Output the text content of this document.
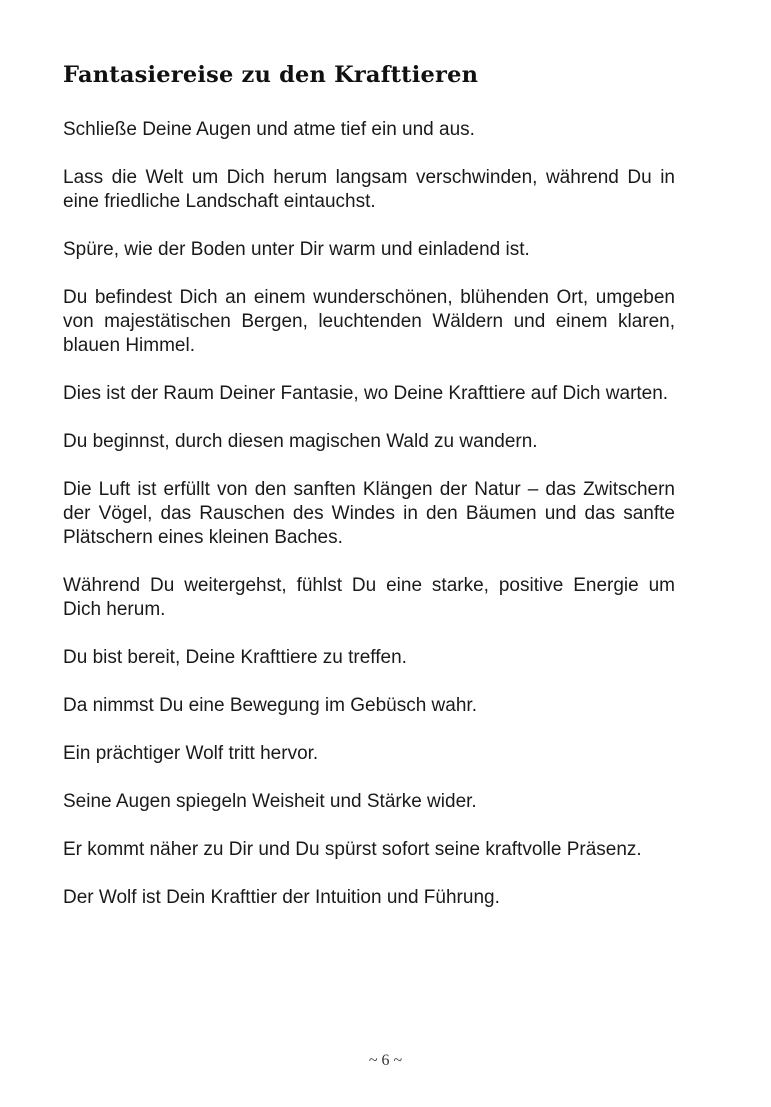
Fantasiereise zu den Krafttieren

Schließe Deine Augen und atme tief ein und aus.

Lass die Welt um Dich herum langsam verschwinden, während Du in eine friedliche Landschaft eintauchst.

Spüre, wie der Boden unter Dir warm und einladend ist.

Du befindest Dich an einem wunderschönen, blühenden Ort, umgeben von majestätischen Bergen, leuchtenden Wäldern und einem klaren, blauen Himmel.

Dies ist der Raum Deiner Fantasie, wo Deine Krafttiere auf Dich warten.

Du beginnst, durch diesen magischen Wald zu wandern.

Die Luft ist erfüllt von den sanften Klängen der Natur – das Zwitschern der Vögel, das Rauschen des Windes in den Bäumen und das sanfte Plätschern eines kleinen Baches.

Während Du weitergehst, fühlst Du eine starke, positive Energie um Dich herum.

Du bist bereit, Deine Krafttiere zu treffen.

Da nimmst Du eine Bewegung im Gebüsch wahr.

Ein prächtiger Wolf tritt hervor.

Seine Augen spiegeln Weisheit und Stärke wider.

Er kommt näher zu Dir und Du spürst sofort seine kraftvolle Präsenz.

Der Wolf ist Dein Krafttier der Intuition und Führung.

~ 6 ~
